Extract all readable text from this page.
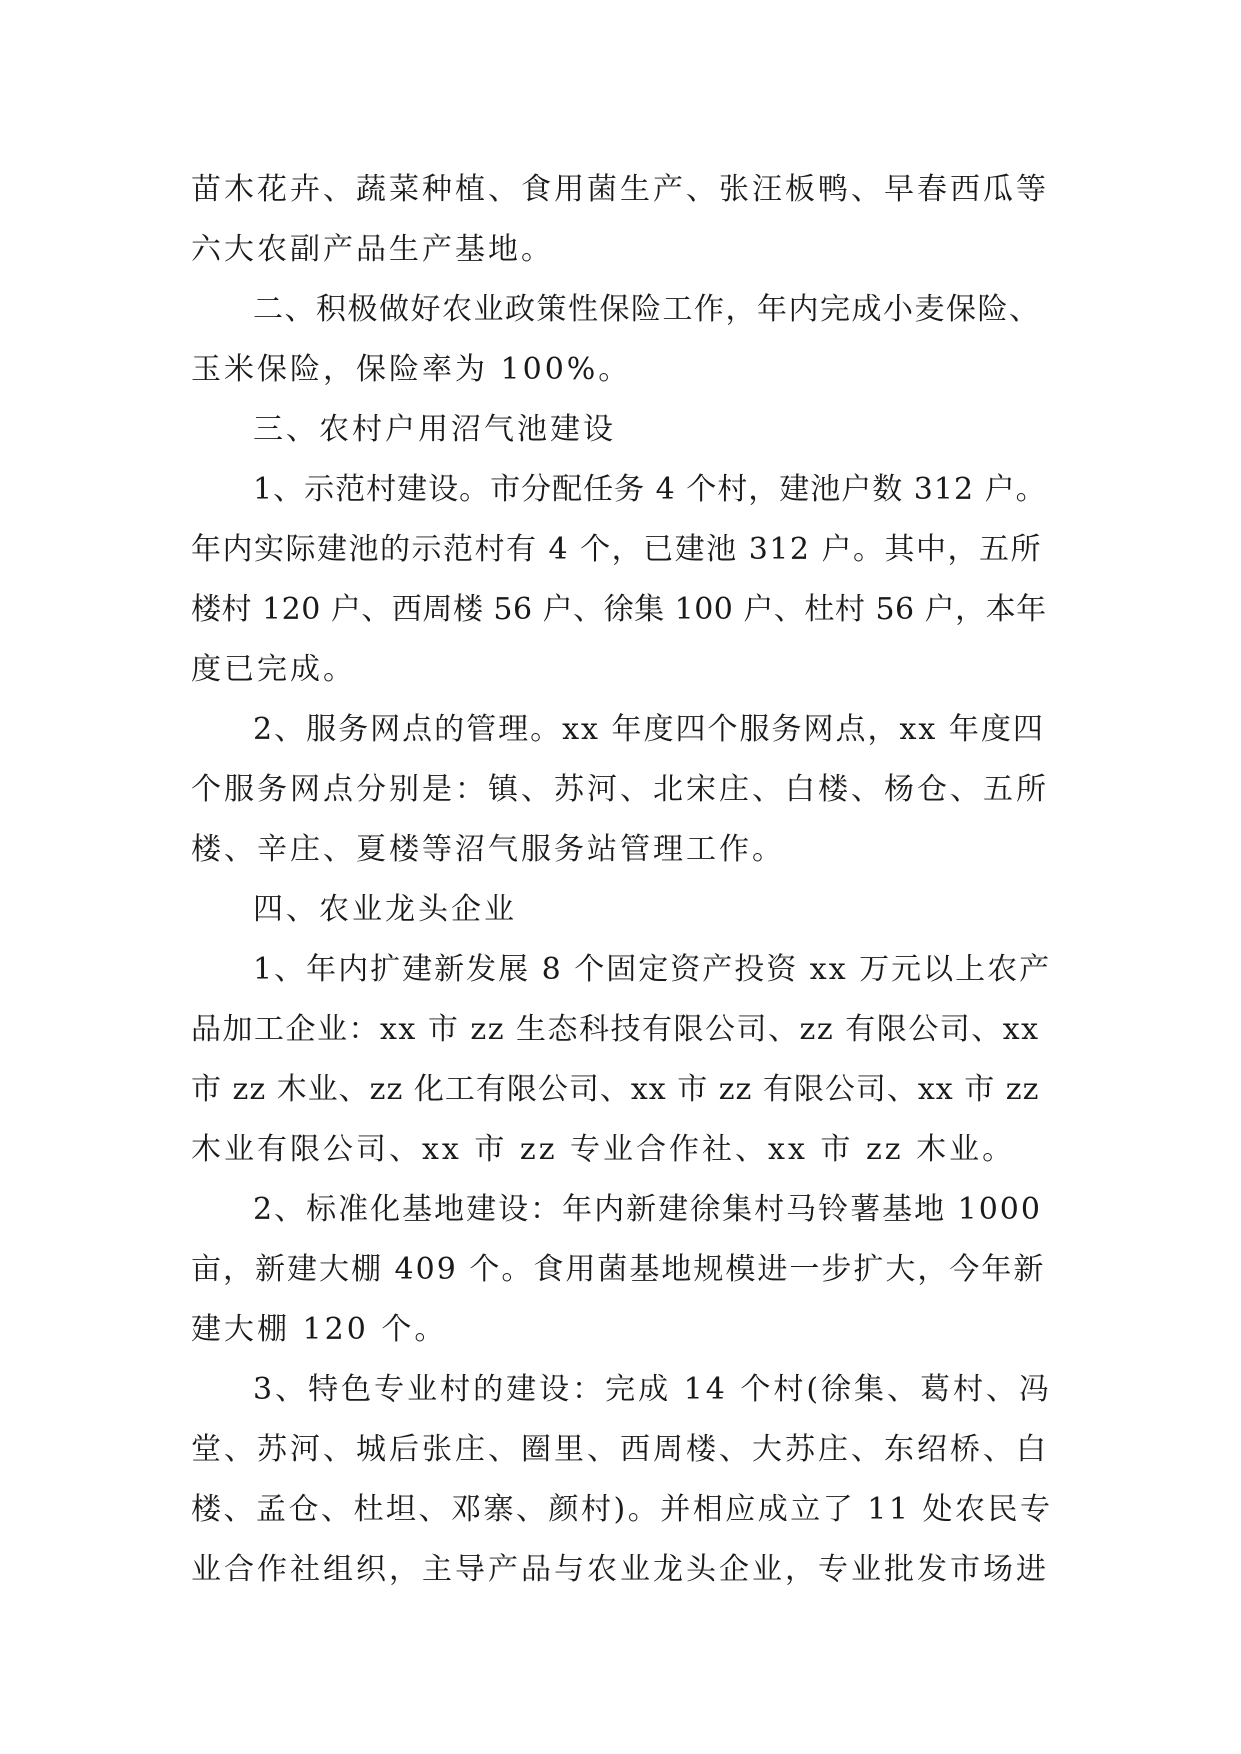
苗木花卉、蔬菜种植、食用菌生产、张汪板鸭、早春西瓜等
六大农副产品生产基地。
二、积极做好农业政策性保险工作，年内完成小麦保险、
玉米保险，保险率为 100%。
三、农村户用沼气池建设
1、示范村建设。市分配任务 4 个村，建池户数 312 户。
年内实际建池的示范村有 4 个，已建池 312 户。其中，五所
楼村 120 户、西周楼 56 户、徐集 100 户、杜村 56 户，本年
度已完成。
2、服务网点的管理。xx 年度四个服务网点，xx 年度四
个服务网点分别是：镇、苏河、北宋庄、白楼、杨仓、五所
楼、辛庄、夏楼等沼气服务站管理工作。
四、农业龙头企业
1、年内扩建新发展 8 个固定资产投资 xx 万元以上农产
品加工企业：xx 市 zz 生态科技有限公司、zz 有限公司、xx
市 zz 木业、zz 化工有限公司、xx 市 zz 有限公司、xx 市 zz
木业有限公司、xx 市 zz 专业合作社、xx 市 zz 木业。
2、标准化基地建设：年内新建徐集村马铃薯基地 1000
亩，新建大棚 409 个。食用菌基地规模进一步扩大，今年新
建大棚 120 个。
3、特色专业村的建设：完成 14 个村(徐集、葛村、冯
堂、苏河、城后张庄、圈里、西周楼、大苏庄、东绍桥、白
楼、孟仓、杜坦、邓寨、颜村)。并相应成立了 11 处农民专
业合作社组织，主导产品与农业龙头企业，专业批发市场进
